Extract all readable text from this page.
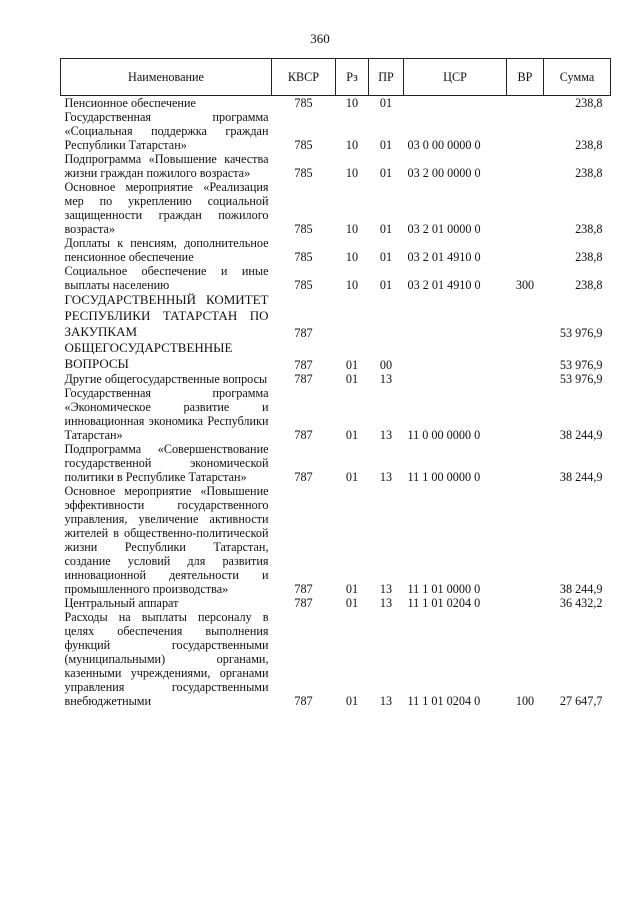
360
Наименование	КВСР	Рз	ПР	ЦСР	ВР	Сумма
Пенсионное обеспечение	785	10	01			238,8
Государственная программа «Социальная поддержка граждан Республики Татарстан»	785	10	01	03 0 00 0000 0		238,8
Подпрограмма «Повышение качества жизни граждан пожилого возраста»	785	10	01	03 2 00 0000 0		238,8
Основное мероприятие «Реализация мер по укреплению социальной защищенности граждан пожилого возраста»	785	10	01	03 2 01 0000 0		238,8
Доплаты к пенсиям, дополнительное пенсионное обеспечение	785	10	01	03 2 01 4910 0		238,8
Социальное обеспечение и иные выплаты населению	785	10	01	03 2 01 4910 0	300	238,8
ГОСУДАРСТВЕННЫЙ КОМИТЕТ РЕСПУБЛИКИ ТАТАРСТАН ПО ЗАКУПКАМ	787					53 976,9
ОБЩЕГОСУДАРСТВЕННЫЕ ВОПРОСЫ	787	01	00			53 976,9
Другие общегосударственные вопросы	787	01	13			53 976,9
Государственная программа «Экономическое развитие и инновационная экономика Республики Татарстан»	787	01	13	11 0 00 0000 0		38 244,9
Подпрограмма «Совершенствование государственной экономической политики в Республике Татарстан»	787	01	13	11 1 00 0000 0		38 244,9
Основное мероприятие «Повышение эффективности государственного управления, увеличение активности жителей в общественно-политической жизни Республики Татарстан, создание условий для развития инновационной деятельности и промышленного производства»	787	01	13	11 1 01 0000 0		38 244,9
Центральный аппарат	787	01	13	11 1 01 0204 0		36 432,2
Расходы на выплаты персоналу в целях обеспечения выполнения функций государственными (муниципальными) органами, казенными учреждениями, органами управления государственными внебюджетными	787	01	13	11 1 01 0204 0	100	27 647,7
